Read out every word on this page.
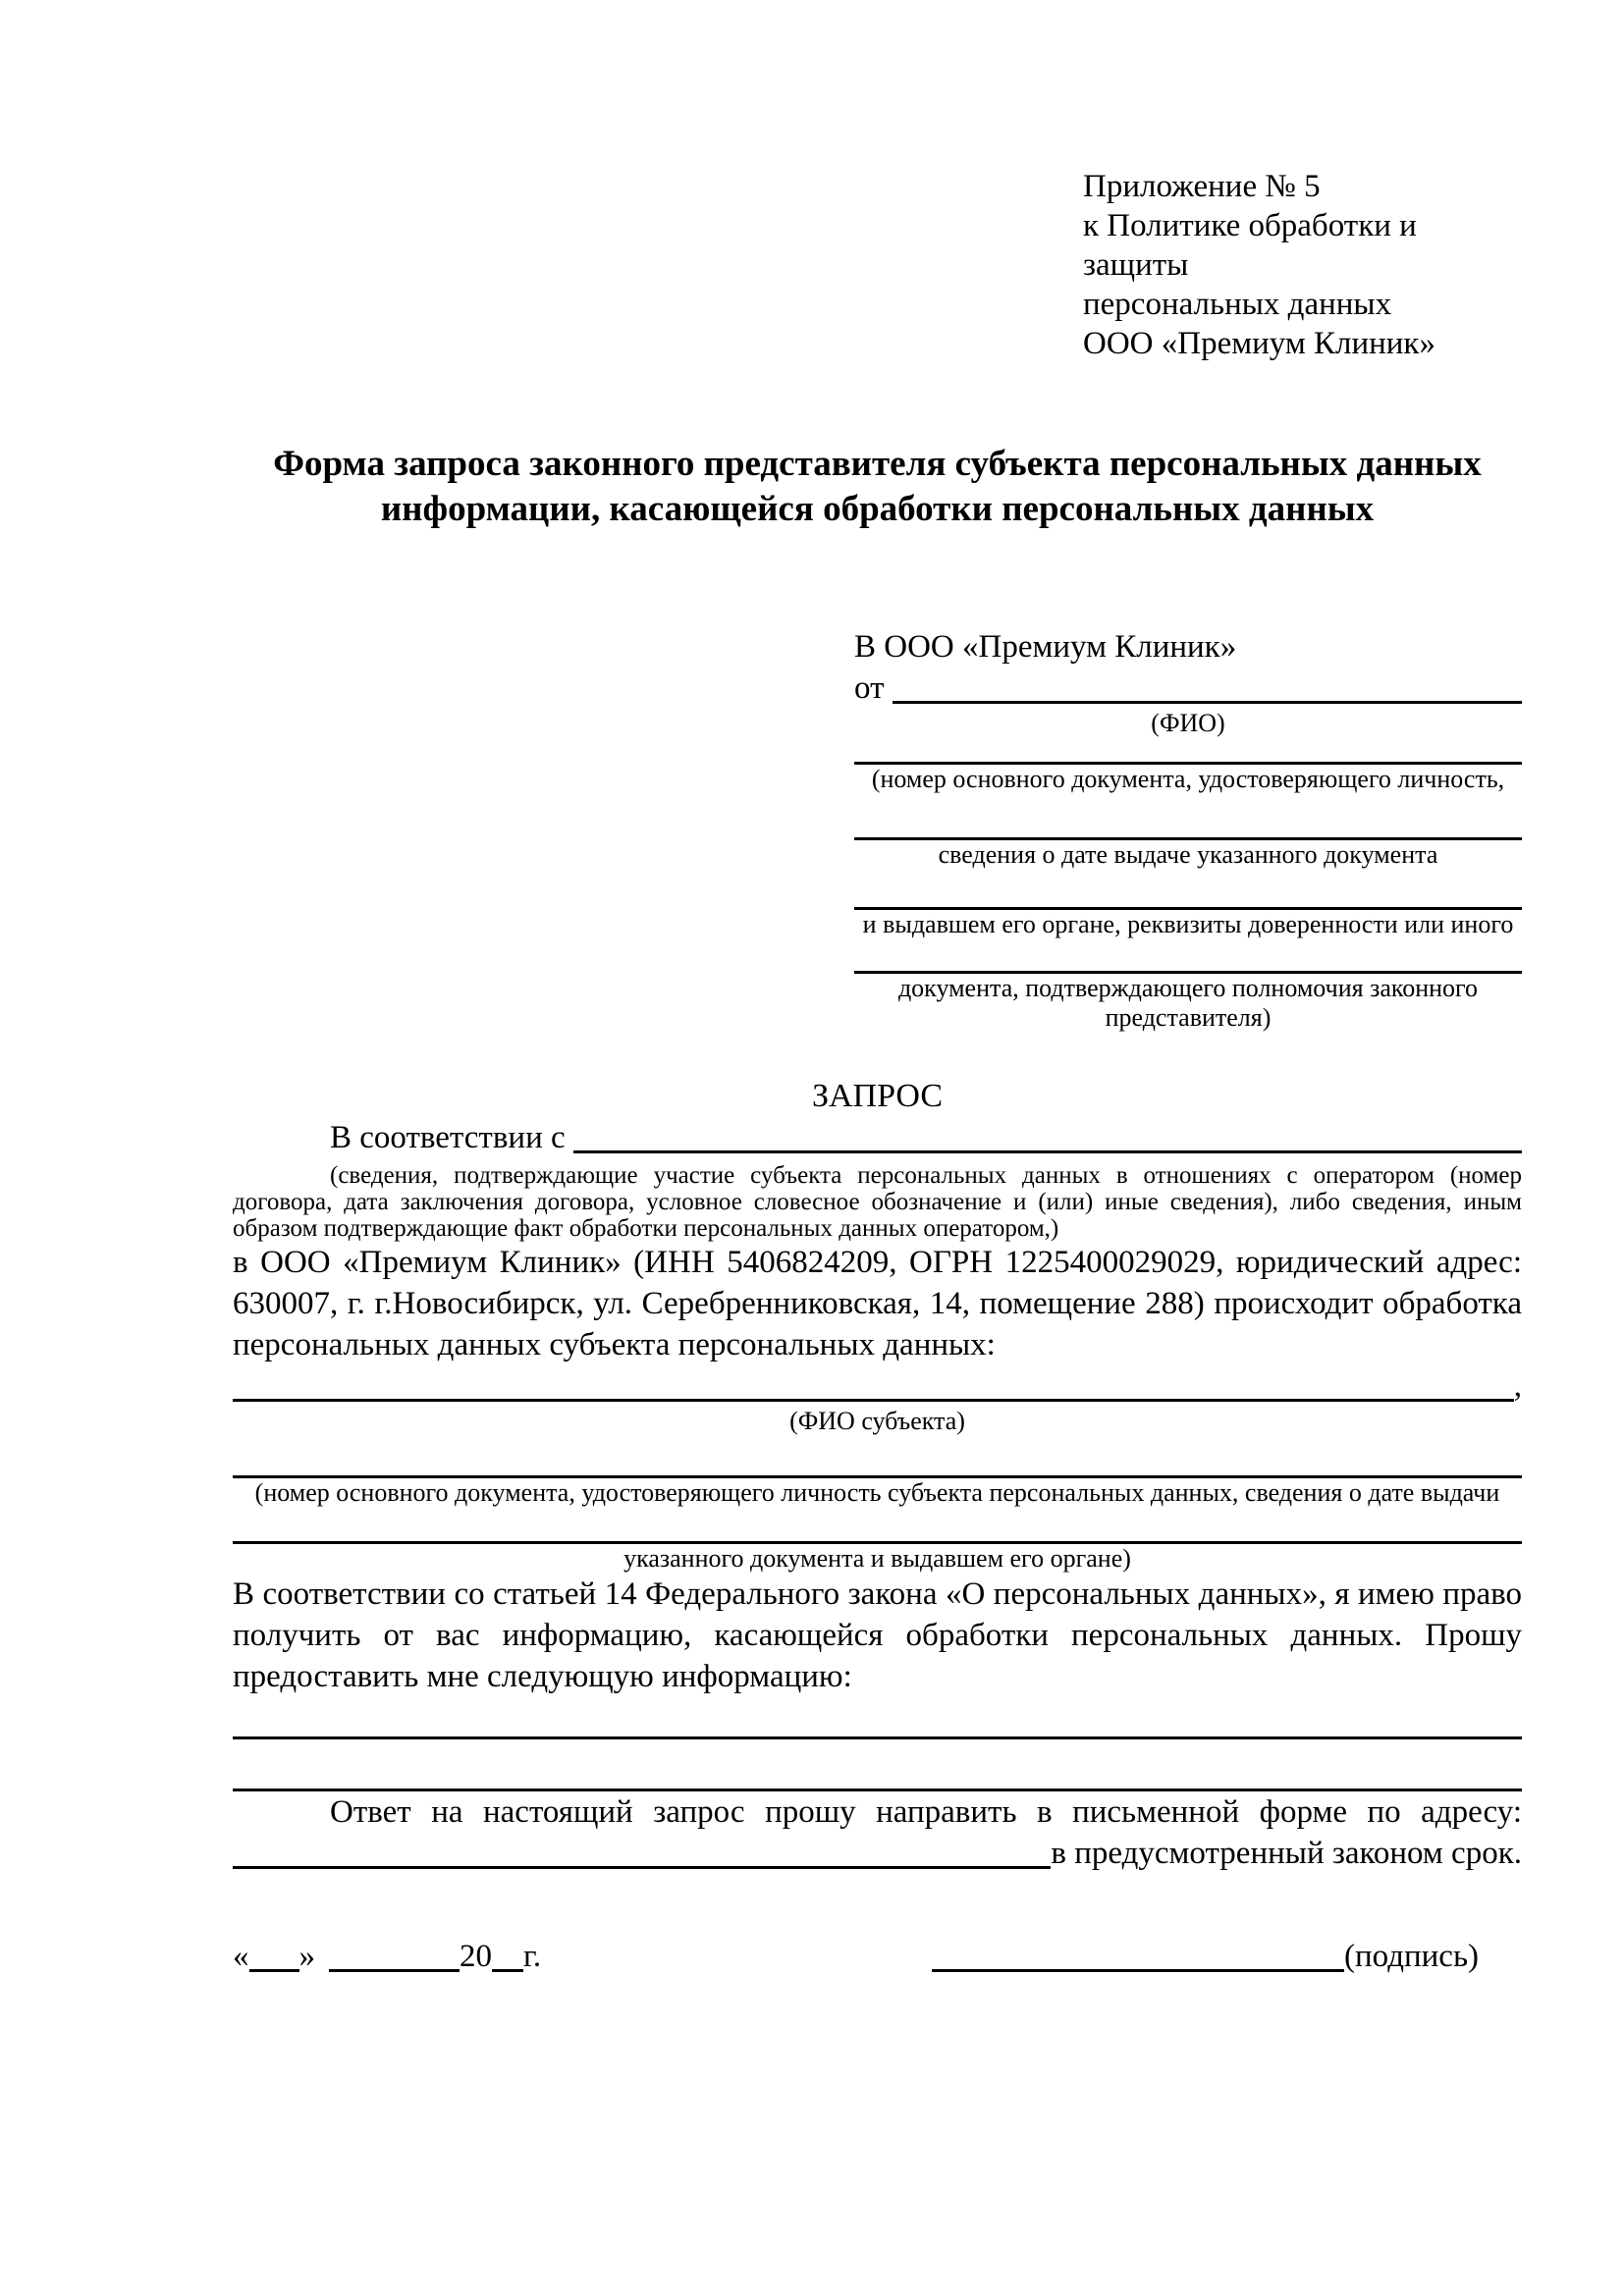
Приложение № 5
к Политике обработки и защиты
персональных данных
ООО «Премиум Клиник»
Форма запроса законного представителя субъекта персональных данных информации, касающейся обработки персональных данных
В ООО «Премиум Клиник»
от
(ФИО)
(номер основного документа, удостоверяющего личность,
сведения о дате выдаче указанного документа
и выдавшем его органе, реквизиты доверенности или иного
документа, подтверждающего полномочия законного представителя)
ЗАПРОС
В соответствии с

(сведения, подтверждающие участие субъекта персональных данных в отношениях с оператором (номер договора, дата заключения договора, условное словесное обозначение и (или) иные сведения), либо сведения, иным образом подтверждающие факт обработки персональных данных оператором,)

в ООО «Премиум Клиник» (ИНН 5406824209, ОГРН 1225400029029, юридический адрес: 630007, г. г.Новосибирск, ул. Серебренниковская, 14, помещение 288) происходит обработка персональных данных субъекта персональных данных:

,
(ФИО субъекта)
(номер основного документа, удостоверяющего личность субъекта персональных данных, сведения о дате выдачи
указанного документа и выдавшем его органе)

В соответствии со статьей 14 Федерального закона «О персональных данных», я имею право получить от вас информацию, касающейся обработки персональных данных. Прошу предоставить мне следующую информацию:

Ответ на настоящий запрос прошу направить в письменной форме по адресу:

в предусмотренный законом срок.
« »	20 г.	(подпись)
